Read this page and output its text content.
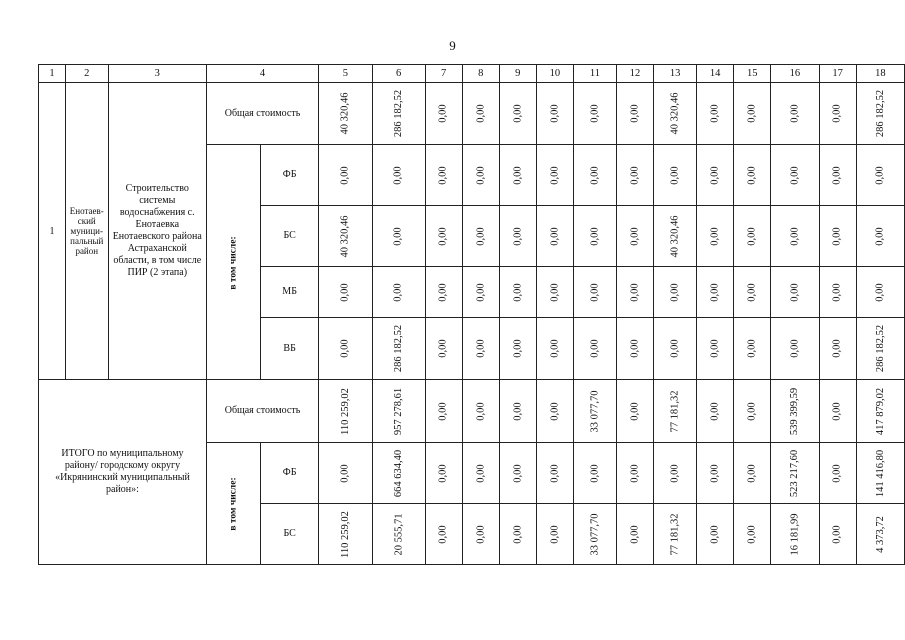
9
1	2	3	4		5	6	7	8	9	10	11	12	13	14	15	16	17	18
1	Енотаев-ский муници-пальный район	Строительство системы водоснабжения с. Енотаевка Енотаевского района Астраханской области, в том числе ПИР (2 этапа)	Общая стоимость		40 320,46	286 182,52	0,00	0,00	0,00	0,00	0,00	0,00	40 320,46	0,00	0,00	0,00	0,00	286 182,52
			в том числе:	ФБ	0,00	0,00	0,00	0,00	0,00	0,00	0,00	0,00	0,00	0,00	0,00	0,00	0,00	0,00
				БС	40 320,46	0,00	0,00	0,00	0,00	0,00	0,00	0,00	40 320,46	0,00	0,00	0,00	0,00	0,00
				МБ	0,00	0,00	0,00	0,00	0,00	0,00	0,00	0,00	0,00	0,00	0,00	0,00	0,00	0,00
				ВБ	0,00	286 182,52	0,00	0,00	0,00	0,00	0,00	0,00	0,00	0,00	0,00	0,00	0,00	286 182,52
ИТОГО по муниципальному району/ городскому округу «Икрянинский муниципальный район»:			Общая стоимость		110 259,02	957 278,61	0,00	0,00	0,00	0,00	33 077,70	0,00	77 181,32	0,00	0,00	539 399,59	0,00	417 879,02
			в том числе:	ФБ	0,00	664 634,40	0,00	0,00	0,00	0,00	0,00	0,00	0,00	0,00	0,00	523 217,60	0,00	141 416,80
				БС	110 259,02	20 555,71	0,00	0,00	0,00	0,00	33 077,70	0,00	77 181,32	0,00	0,00	16 181,99	0,00	4 373,72
